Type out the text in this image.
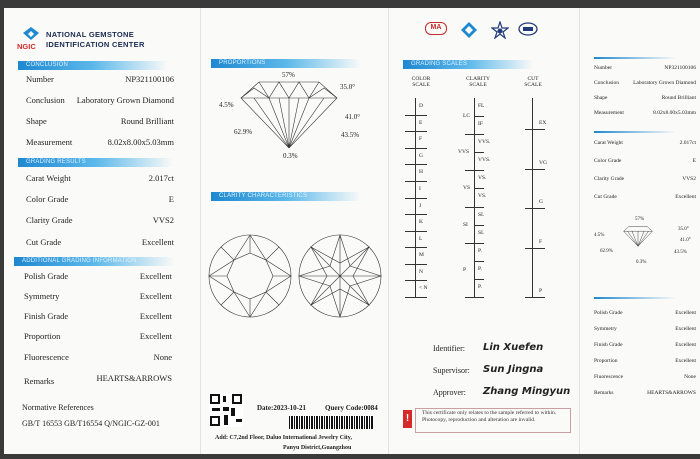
NGIC
NATIONAL GEMSTONE
IDENTIFICATION CENTER
CONCLUSION
Number	NP321100106
Conclusion Laboratory Grown Diamond
Shape	Round Brilliant
Measurement	8.02x8.00x5.03mm
GRADING RESULTS
Carat Weight	2.017ct
Color Grade	E
Clarity Grade	VVS2
Cut Grade	Excellent
ADDITIONAL GRADING INFORMATION
Polish Grade	Excellent
Symmetry	Excellent
Finish Grade	Excellent
Proportion	Excellent
Fluorescence	None
Remarks	HEARTS&ARROWS
Normative References
GB/T 16553 GB/T16554 Q/NGIC-GZ-001
PROPORTIONS
57%
35.0°
4.5%
41.0°
62.9%	43.5%
0.3%
CLARITY CHARACTERISTICS
Date:2023-10-21	Query Code:0084
Add: C7,2nd Floor, Daluo International Jewelry City,
Panyu District,Guangzhou
MA
GRADING SCALES
COLOR SCALE
CLARITY SCALE
CUT SCALE
D
E
F
G
H
I
J
K
L
M
N
< N
FL
IF
VVS.
VVS.
VS.
VS.
SI.
SI.
P.
P.
P.
LC
VVS
VS
SI
P
EX
VG
G
F
P
Identifier: Lin Xuefen
Supervisor: Sun Jingna
Approver: Zhang Mingyun
!	This certificate only relates to the sample referred to within. Photocopy, reproduction and alteration are invalid.
Number	NP321100106
Conclusion	Laboratory Grown Diamond
Shape	Round Brilliant
Measurement	8.02x8.00x5.03mm
Carat Weight	2.017ct
Color Grade	E
Clarity Grade	VVS2
Cut Grade	Excellent
57%
35.0°
4.5%
41.0°
62.9%	43.5%
0.3%
Polish Grade	Excellent
Symmetry	Excellent
Finish Grade	Excellent
Proportion	Excellent
Fluorescence	None
Remarks	HEARTS&ARROWS
